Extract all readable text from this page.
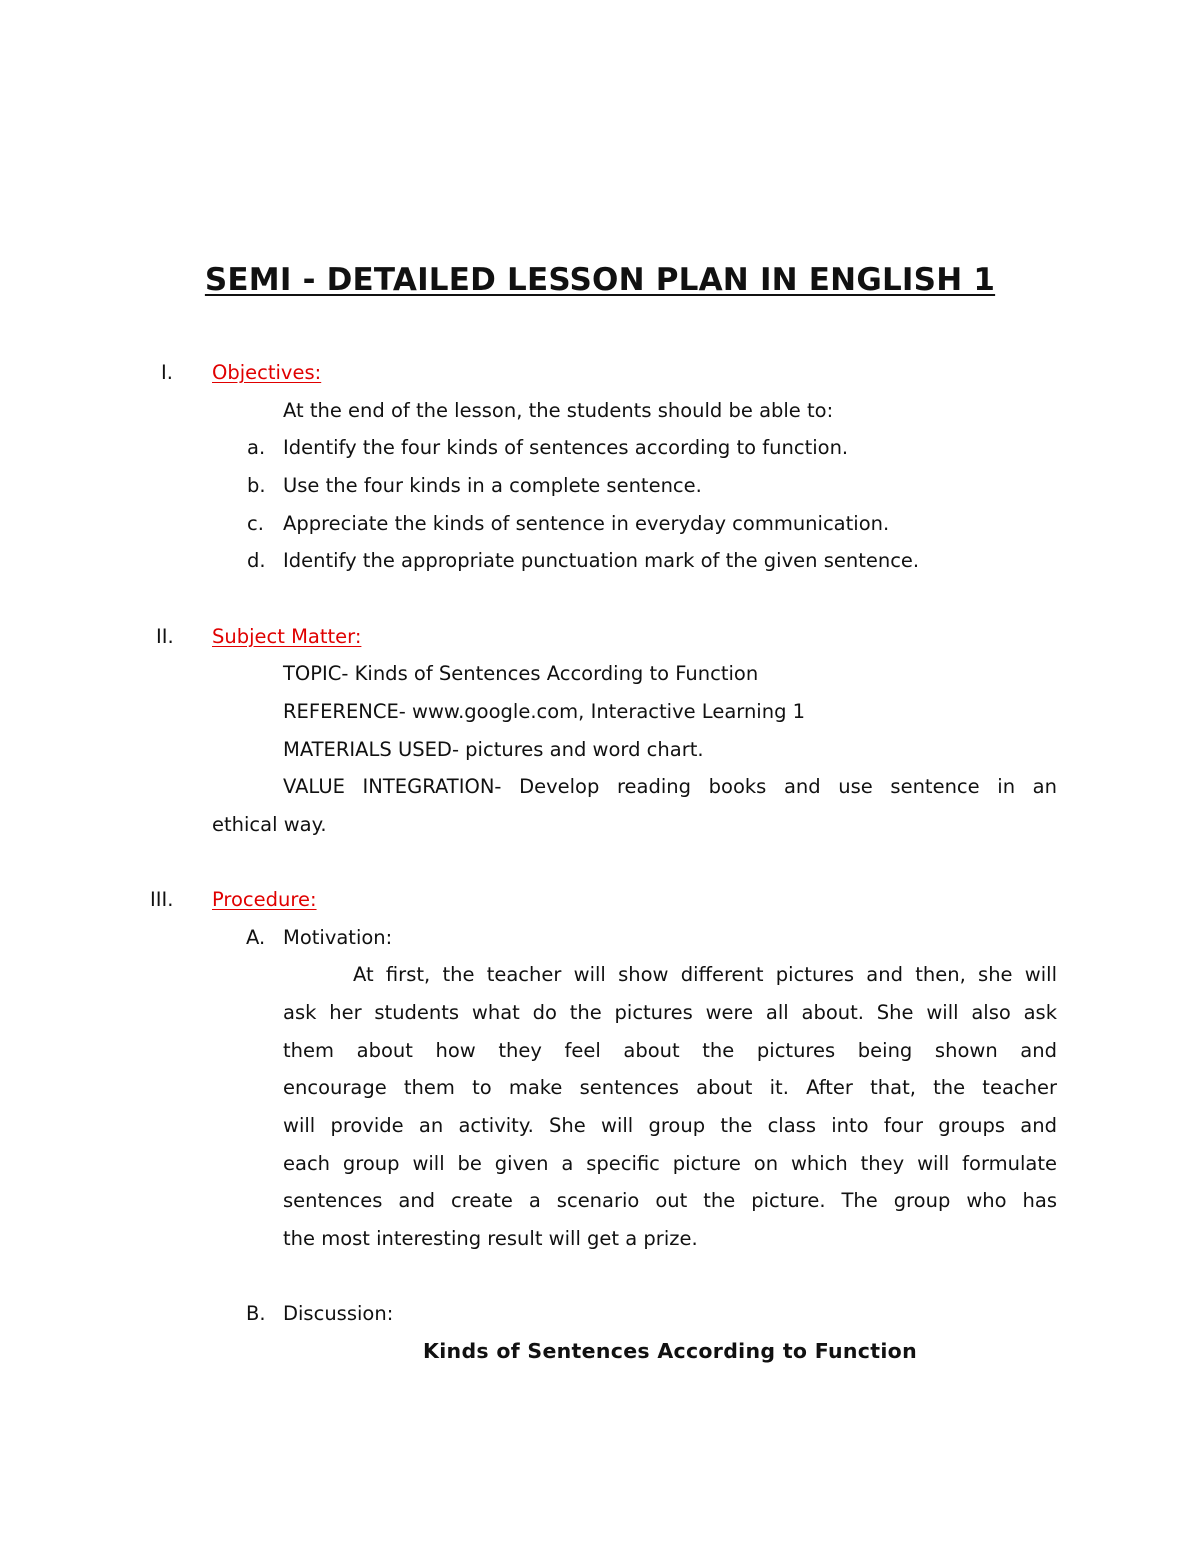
SEMI - DETAILED LESSON PLAN IN ENGLISH 1
I. Objectives:
At the end of the lesson, the students should be able to:
a. Identify the four kinds of sentences according to function.
b. Use the four kinds in a complete sentence.
c. Appreciate the kinds of sentence in everyday communication.
d. Identify the appropriate punctuation mark of the given sentence.
II. Subject Matter:
TOPIC- Kinds of Sentences According to Function
REFERENCE- www.google.com, Interactive Learning 1
MATERIALS USED- pictures and word chart.
VALUE INTEGRATION- Develop reading books and use sentence in an
ethical way.
III. Procedure:
A. Motivation:
At first, the teacher will show different pictures and then, she will
ask her students what do the pictures were all about. She will also ask
them about how they feel about the pictures being shown and
encourage them to make sentences about it. After that, the teacher
will provide an activity. She will group the class into four groups and
each group will be given a specific picture on which they will formulate
sentences and create a scenario out the picture. The group who has
the most interesting result will get a prize.
B. Discussion:
Kinds of Sentences According to Function
